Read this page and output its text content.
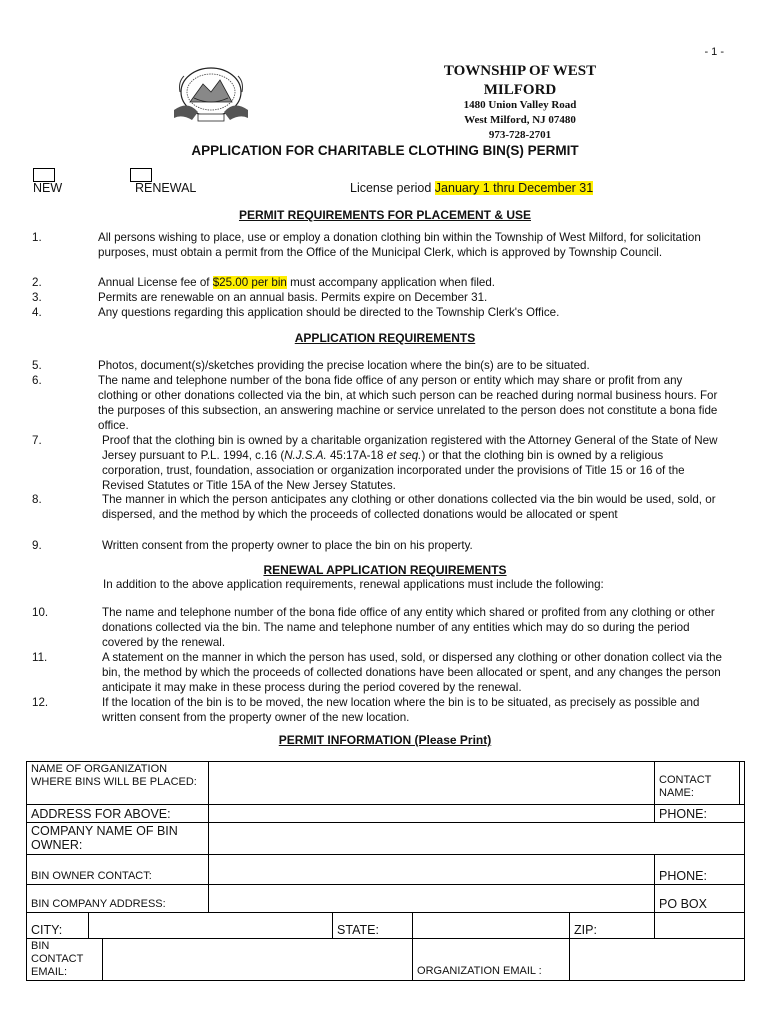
- 1 -
TOWNSHIP OF WEST
MILFORD
1480 Union Valley Road
West Milford, NJ 07480
973-728-2701
APPLICATION FOR CHARITABLE CLOTHING BIN(S) PERMIT
NEW	RENEWAL	License period January 1 thru December 31
PERMIT REQUIREMENTS FOR PLACEMENT & USE
1.	All persons wishing to place, use or employ a donation clothing bin within the Township of West Milford, for solicitation purposes, must obtain a permit from the Office of the Municipal Clerk, which is approved by Township Council.
2.	Annual License fee of $25.00 per bin must accompany application when filed.
3.	Permits are renewable on an annual basis. Permits expire on December 31.
4.	Any questions regarding this application should be directed to the Township Clerk's Office.
APPLICATION REQUIREMENTS
5.	Photos, document(s)/sketches providing the precise location where the bin(s) are to be situated.
6.	The name and telephone number of the bona fide office of any person or entity which may share or profit from any clothing or other donations collected via the bin, at which such person can be reached during normal business hours. For the purposes of this subsection, an answering machine or service unrelated to the person does not constitute a bona fide office.
7.	Proof that the clothing bin is owned by a charitable organization registered with the Attorney General of the State of New Jersey pursuant to P.L. 1994, c.16 (N.J.S.A. 45:17A-18 et seq.) or that the clothing bin is owned by a religious corporation, trust, foundation, association or organization incorporated under the provisions of Title 15 or 16 of the Revised Statutes or Title 15A of the New Jersey Statutes.
8.	The manner in which the person anticipates any clothing or other donations collected via the bin would be used, sold, or dispersed, and the method by which the proceeds of collected donations would be allocated or spent
9.	Written consent from the property owner to place the bin on his property.
RENEWAL APPLICATION REQUIREMENTS
In addition to the above application requirements, renewal applications must include the following:
10.	The name and telephone number of the bona fide office of any entity which shared or profited from any clothing or other donations collected via the bin. The name and telephone number of any entities which may do so during the period covered by the renewal.
11.	A statement on the manner in which the person has used, sold, or dispersed any clothing or other donation collect via the bin, the method by which the proceeds of collected donations have been allocated or spent, and any changes the person anticipate it may make in these process during the period covered by the renewal.
12.	If the location of the bin is to be moved, the new location where the bin is to be situated, as precisely as possible and written consent from the property owner of the new location.
PERMIT INFORMATION (Please Print)
NAME OF ORGANIZATION WHERE BINS WILL BE PLACED:							CONTACT NAME:

ADDRESS FOR ABOVE:							PHONE:
COMPANY NAME OF BIN OWNER:							
BIN OWNER CONTACT:							PHONE:
BIN COMPANY ADDRESS:							PO BOX
CITY:				STATE:		ZIP:	
BIN CONTACT EMAIL:					ORGANIZATION EMAIL :		
